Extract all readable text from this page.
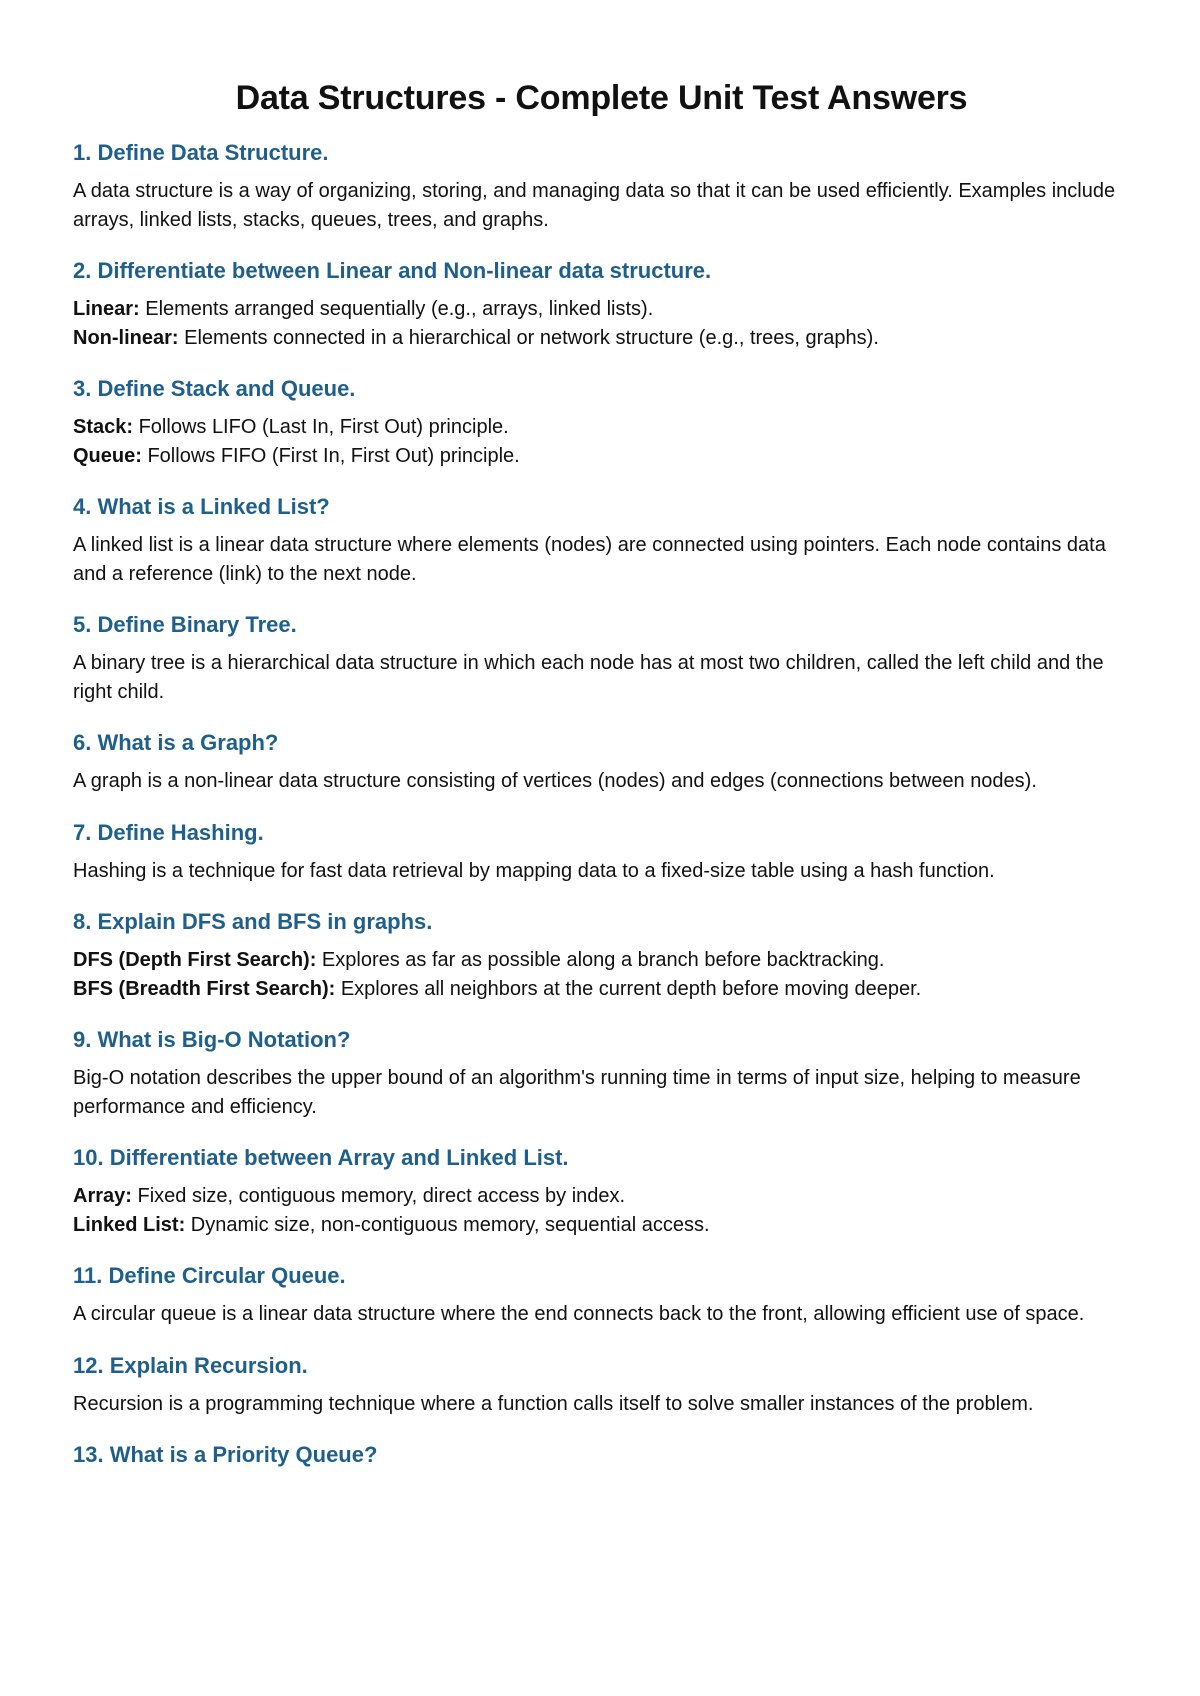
Data Structures - Complete Unit Test Answers
1. Define Data Structure.

A data structure is a way of organizing, storing, and managing data so that it can be used efficiently. Examples include arrays, linked lists, stacks, queues, trees, and graphs.

2. Differentiate between Linear and Non-linear data structure.

Linear: Elements arranged sequentially (e.g., arrays, linked lists).
Non-linear: Elements connected in a hierarchical or network structure (e.g., trees, graphs).

3. Define Stack and Queue.

Stack: Follows LIFO (Last In, First Out) principle.
Queue: Follows FIFO (First In, First Out) principle.

4. What is a Linked List?

A linked list is a linear data structure where elements (nodes) are connected using pointers. Each node contains data and a reference (link) to the next node.

5. Define Binary Tree.

A binary tree is a hierarchical data structure in which each node has at most two children, called the left child and the right child.

6. What is a Graph?

A graph is a non-linear data structure consisting of vertices (nodes) and edges (connections between nodes).

7. Define Hashing.

Hashing is a technique for fast data retrieval by mapping data to a fixed-size table using a hash function.

8. Explain DFS and BFS in graphs.

DFS (Depth First Search): Explores as far as possible along a branch before backtracking.
BFS (Breadth First Search): Explores all neighbors at the current depth before moving deeper.

9. What is Big-O Notation?

Big-O notation describes the upper bound of an algorithm's running time in terms of input size, helping to measure performance and efficiency.

10. Differentiate between Array and Linked List.

Array: Fixed size, contiguous memory, direct access by index.
Linked List: Dynamic size, non-contiguous memory, sequential access.

11. Define Circular Queue.

A circular queue is a linear data structure where the end connects back to the front, allowing efficient use of space.

12. Explain Recursion.

Recursion is a programming technique where a function calls itself to solve smaller instances of the problem.

13. What is a Priority Queue?
